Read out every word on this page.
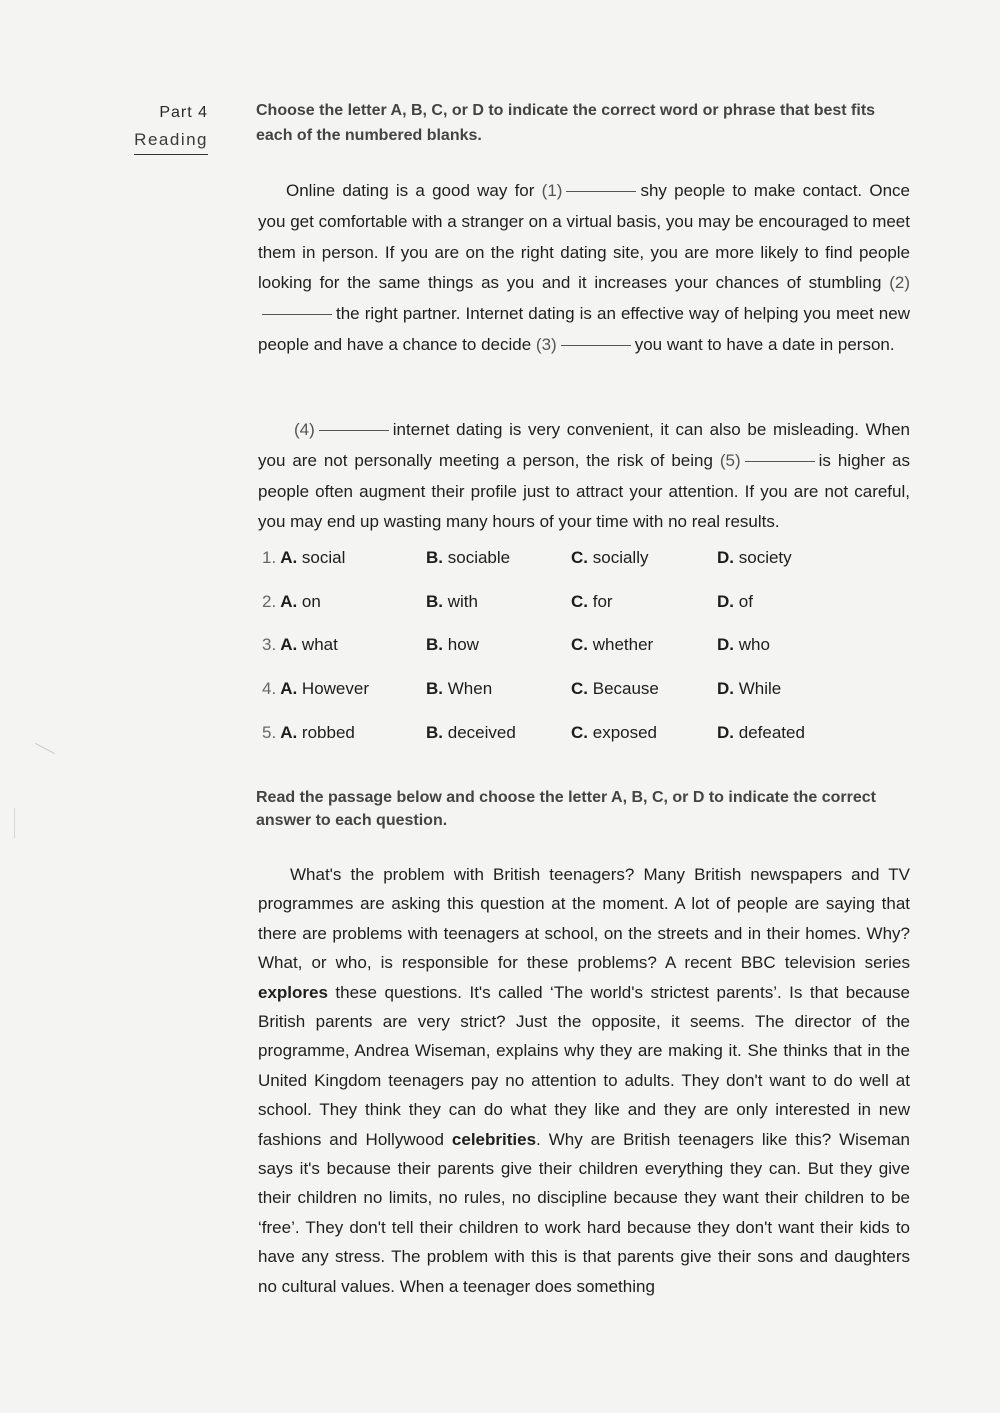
Part 4
Reading
Choose the letter A, B, C, or D to indicate the correct word or phrase that best fits each of the numbered blanks.

Online dating is a good way for (1)	shy people to make contact. Once you get comfortable with a stranger on a virtual basis, you may be encouraged to meet them in person. If you are on the right dating site, you are more likely to find people looking for the same things as you and it increases your chances of stumbling (2)the right partner. Internet dating is an effective way of helping you meet new people and have a chance to decide (3)	you want to have a date in person.

(4)	internet dating is very convenient, it can also be misleading. When you are not personally meeting a person, the risk of being (5)	is higher as people often augment their profile just to attract your attention. If you are not careful, you may end up wasting many hours of your time with no real results.

1. A. social	B. sociable	C. socially	D. society
2. A. on	B. with	C. for	D. of
3. A. what	B. how	C. whether	D. who
4. A. However	B. When	C. Because	D. While
5. A. robbed	B. deceived	C. exposed	D. defeated
Read the passage below and choose the letter A, B, C, or D to indicate the correct answer to each question.

What's the problem with British teenagers? Many British newspapers and TV programmes are asking this question at the moment. A lot of people are saying that there are problems with teenagers at school, on the streets and in their homes. Why? What, or who, is responsible for these problems? A recent BBC television series explores these questions. It's called ‘The world's strictest parents’. Is that because British parents are very strict? Just the opposite, it seems. The director of the programme, Andrea Wiseman, explains why they are making it. She thinks that in the United Kingdom teenagers pay no attention to adults. They don't want to do well at school. They think they can do what they like and they are only interested in new fashions and Hollywood celebrities. Why are British teenagers like this? Wiseman says it's because their parents give their children everything they can. But they give their children no limits, no rules, no discipline because they want their children to be ‘free’. They don't tell their children to work hard because they don't want their kids to have any stress. The problem with this is that parents give their sons and daughters no cultural values. When a teenager does something
